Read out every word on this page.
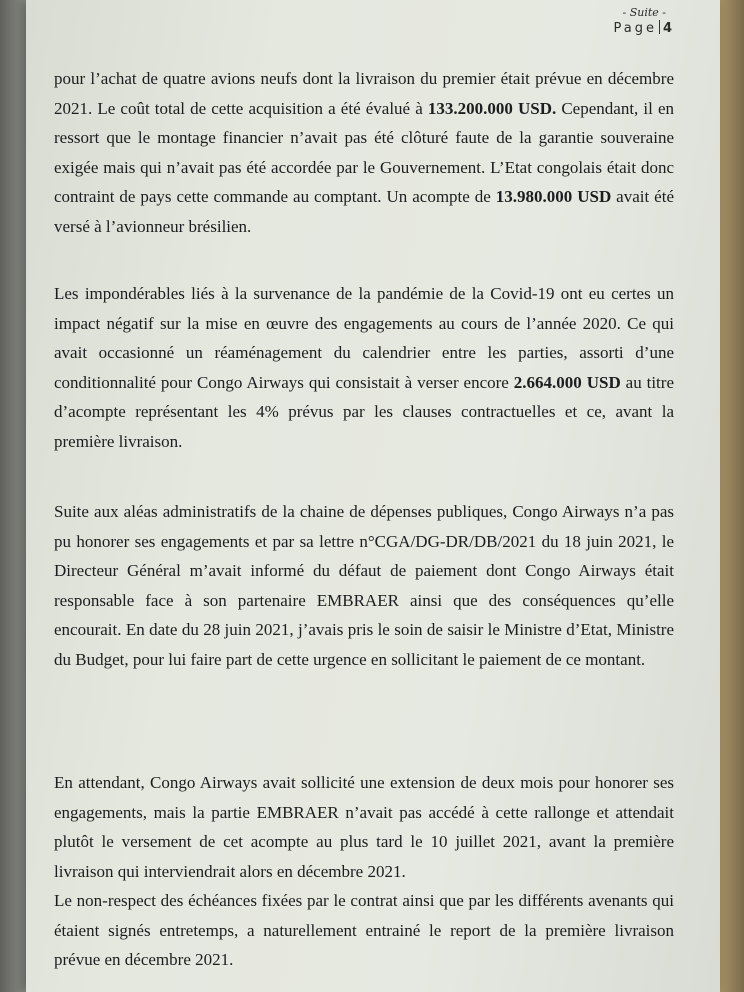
- Suite -
Page 4

pour l’achat de quatre avions neufs dont la livraison du premier était prévue en décembre 2021. Le coût total de cette acquisition a été évalué à 133.200.000 USD. Cependant, il en ressort que le montage financier n’avait pas été clôturé faute de la garantie souveraine exigée mais qui n’avait pas été accordée par le Gouvernement. L’Etat congolais était donc contraint de pays cette commande au comptant. Un acompte de 13.980.000 USD avait été versé à l’avionneur brésilien.

Les impondérables liés à la survenance de la pandémie de la Covid-19 ont eu certes un impact négatif sur la mise en œuvre des engagements au cours de l’année 2020. Ce qui avait occasionné un réaménagement du calendrier entre les parties, assorti d’une conditionnalité pour Congo Airways qui consistait à verser encore 2.664.000 USD au titre d’acompte représentant les 4% prévus par les clauses contractuelles et ce, avant la première livraison.

Suite aux aléas administratifs de la chaine de dépenses publiques, Congo Airways n’a pas pu honorer ses engagements et par sa lettre n°CGA/DG-DR/DB/2021 du 18 juin 2021, le Directeur Général m’avait informé du défaut de paiement dont Congo Airways était responsable face à son partenaire EMBRAER ainsi que des conséquences qu’elle encourait. En date du 28 juin 2021, j’avais pris le soin de saisir le Ministre d’Etat, Ministre du Budget, pour lui faire part de cette urgence en sollicitant le paiement de ce montant.

En attendant, Congo Airways avait sollicité une extension de deux mois pour honorer ses engagements, mais la partie EMBRAER n’avait pas accédé à cette rallonge et attendait plutôt le versement de cet acompte au plus tard le 10 juillet 2021, avant la première livraison qui interviendrait alors en décembre 2021.

Le non-respect des échéances fixées par le contrat ainsi que par les différents avenants qui étaient signés entretemps, a naturellement entrainé le report de la première livraison prévue en décembre 2021.
